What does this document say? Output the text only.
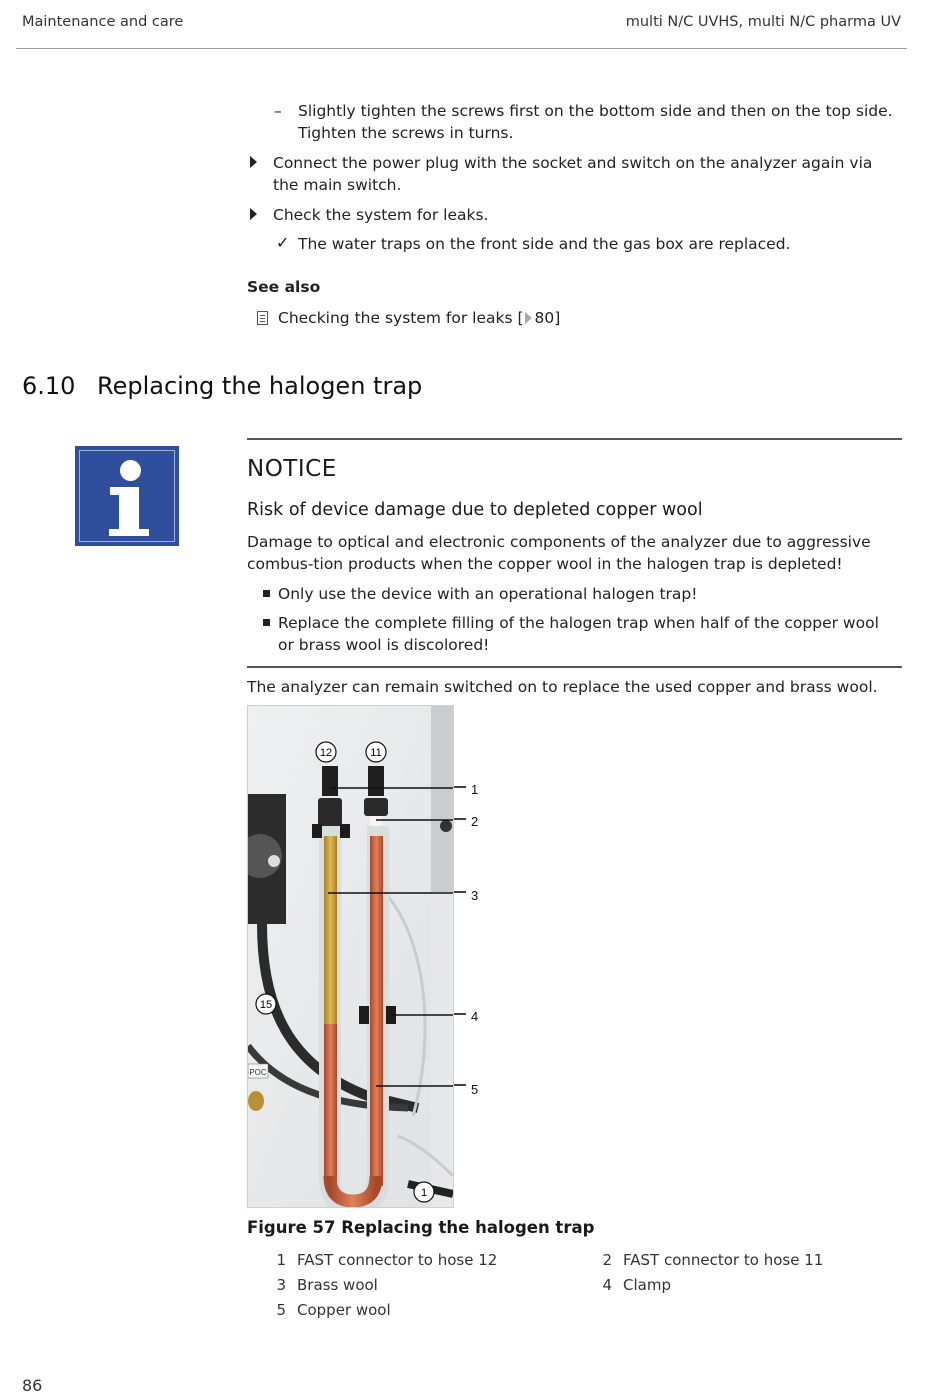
Maintenance and care	multi N/C UVHS, multi N/C pharma UV
–	Slightly tighten the screws first on the bottom side and then on the top side. Tighten the screws in turns.
Connect the power plug with the socket and switch on the analyzer again via the main switch.
Check the system for leaks.
✓ The water traps on the front side and the gas box are replaced.
See also
Checking the system for leaks [ 80]
6.10 Replacing the halogen trap
NOTICE
Risk of device damage due to depleted copper wool
Damage to optical and electronic components of the analyzer due to aggressive combus-tion products when the copper wool in the halogen trap is depleted!
Only use the device with an operational halogen trap!
Replace the complete filling of the halogen trap when half of the copper wool or brass wool is discolored!
The analyzer can remain switched on to replace the used copper and brass wool.
POC
12	11
15
1
1
2
3
4
5
Figure 57 Replacing the halogen trap
1 FAST connector to hose 12	2 FAST connector to hose 11
3 Brass wool	4 Clamp
5 Copper wool
86
